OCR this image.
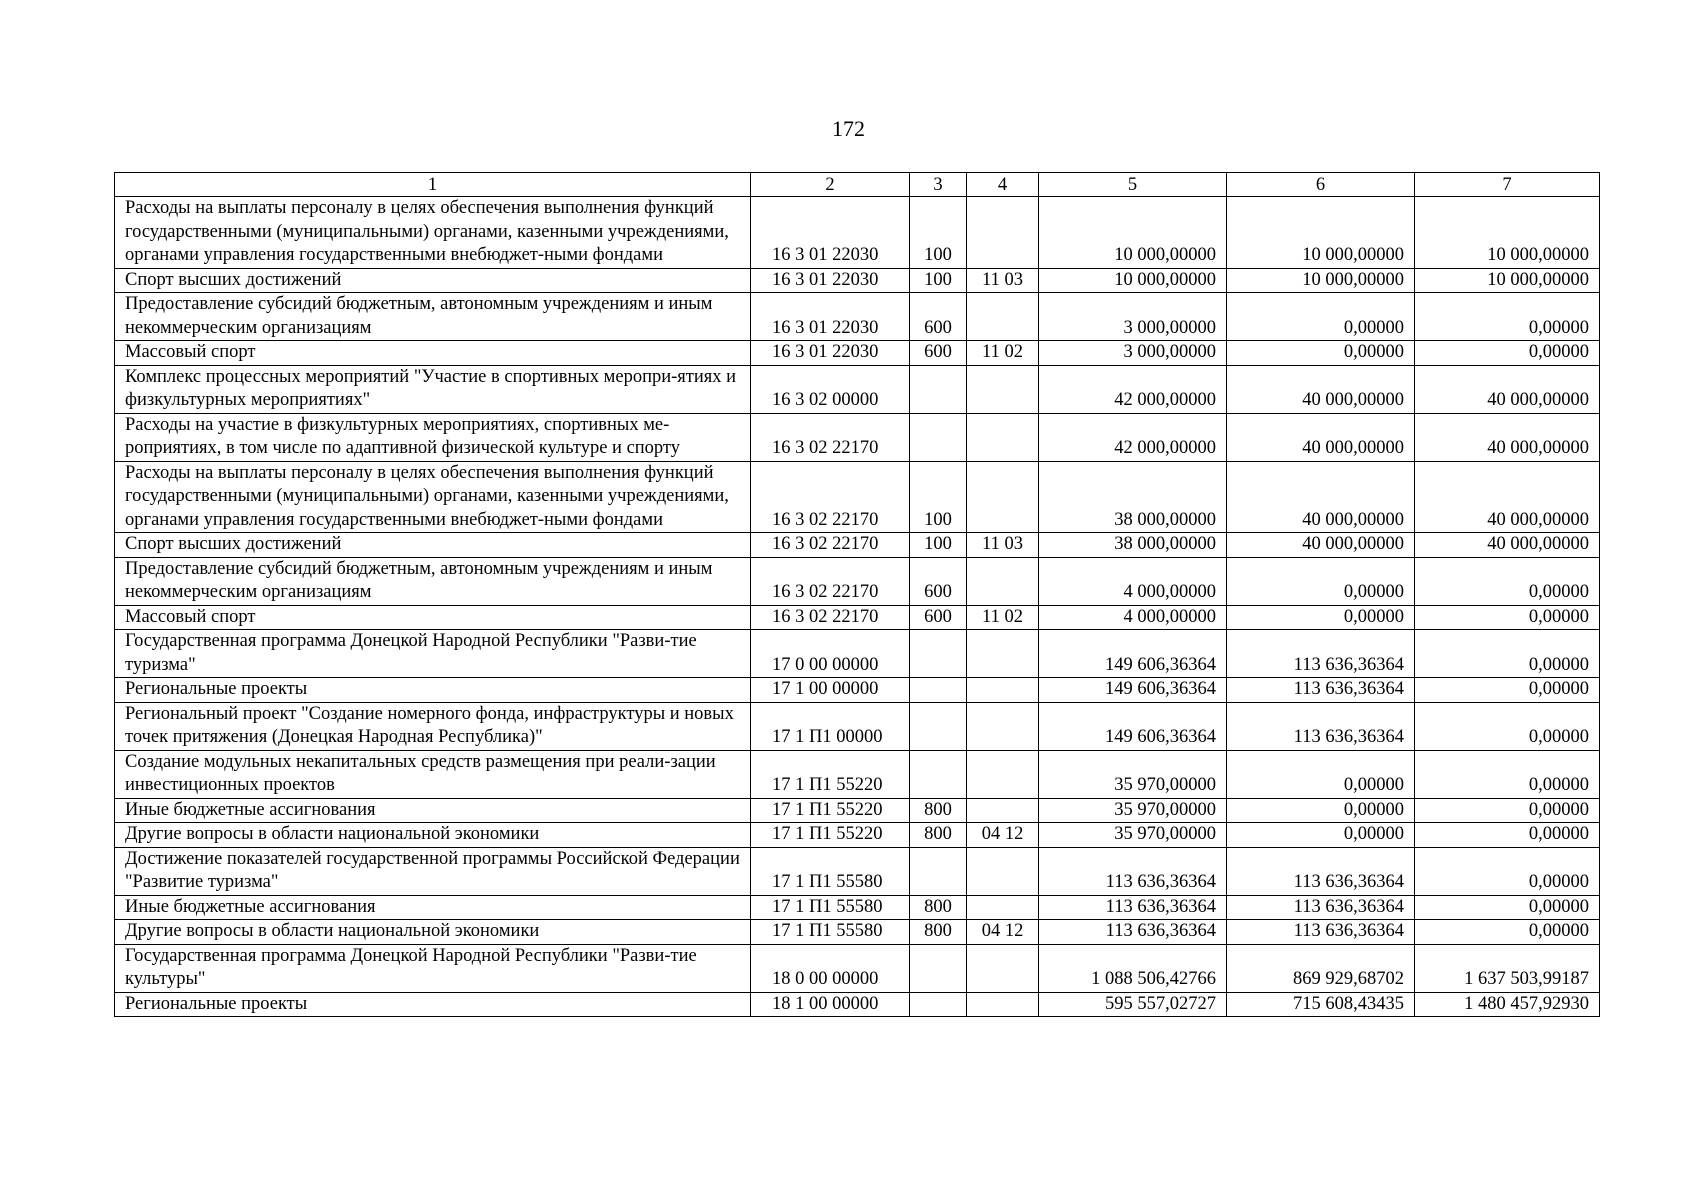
172
1	2	3	4	5	6	7
Расходы на выплаты персоналу в целях обеспечения выполнения функций государственными (муниципальными) органами, казенными учреждениями, органами управления государственными внебюджет-ными фондами	16 3 01 22030	100		10 000,00000	10 000,00000	10 000,00000
Спорт высших достижений	16 3 01 22030	100	11 03	10 000,00000	10 000,00000	10 000,00000
Предоставление субсидий бюджетным, автономным учреждениям и иным некоммерческим организациям	16 3 01 22030	600		3 000,00000	0,00000	0,00000
Массовый спорт	16 3 01 22030	600	11 02	3 000,00000	0,00000	0,00000
Комплекс процессных мероприятий "Участие в спортивных меропри-ятиях и физкультурных мероприятиях"	16 3 02 00000			42 000,00000	40 000,00000	40 000,00000
Расходы на участие в физкультурных мероприятиях, спортивных ме-роприятиях, в том числе по адаптивной физической культуре и спорту	16 3 02 22170			42 000,00000	40 000,00000	40 000,00000
Расходы на выплаты персоналу в целях обеспечения выполнения функций государственными (муниципальными) органами, казенными учреждениями, органами управления государственными внебюджет-ными фондами	16 3 02 22170	100		38 000,00000	40 000,00000	40 000,00000
Спорт высших достижений	16 3 02 22170	100	11 03	38 000,00000	40 000,00000	40 000,00000
Предоставление субсидий бюджетным, автономным учреждениям и иным некоммерческим организациям	16 3 02 22170	600		4 000,00000	0,00000	0,00000
Массовый спорт	16 3 02 22170	600	11 02	4 000,00000	0,00000	0,00000
Государственная программа Донецкой Народной Республики "Разви-тие туризма"	17 0 00 00000			149 606,36364	113 636,36364	0,00000
Региональные проекты	17 1 00 00000			149 606,36364	113 636,36364	0,00000
Региональный проект "Создание номерного фонда, инфраструктуры и новых точек притяжения (Донецкая Народная Республика)"	17 1 П1 00000			149 606,36364	113 636,36364	0,00000
Создание модульных некапитальных средств размещения при реали-зации инвестиционных проектов	17 1 П1 55220			35 970,00000	0,00000	0,00000
Иные бюджетные ассигнования	17 1 П1 55220	800		35 970,00000	0,00000	0,00000
Другие вопросы в области национальной экономики	17 1 П1 55220	800	04 12	35 970,00000	0,00000	0,00000
Достижение показателей государственной программы Российской Федерации "Развитие туризма"	17 1 П1 55580			113 636,36364	113 636,36364	0,00000
Иные бюджетные ассигнования	17 1 П1 55580	800		113 636,36364	113 636,36364	0,00000
Другие вопросы в области национальной экономики	17 1 П1 55580	800	04 12	113 636,36364	113 636,36364	0,00000
Государственная программа Донецкой Народной Республики "Разви-тие культуры"	18 0 00 00000			1 088 506,42766	869 929,68702	1 637 503,99187
Региональные проекты	18 1 00 00000			595 557,02727	715 608,43435	1 480 457,92930
